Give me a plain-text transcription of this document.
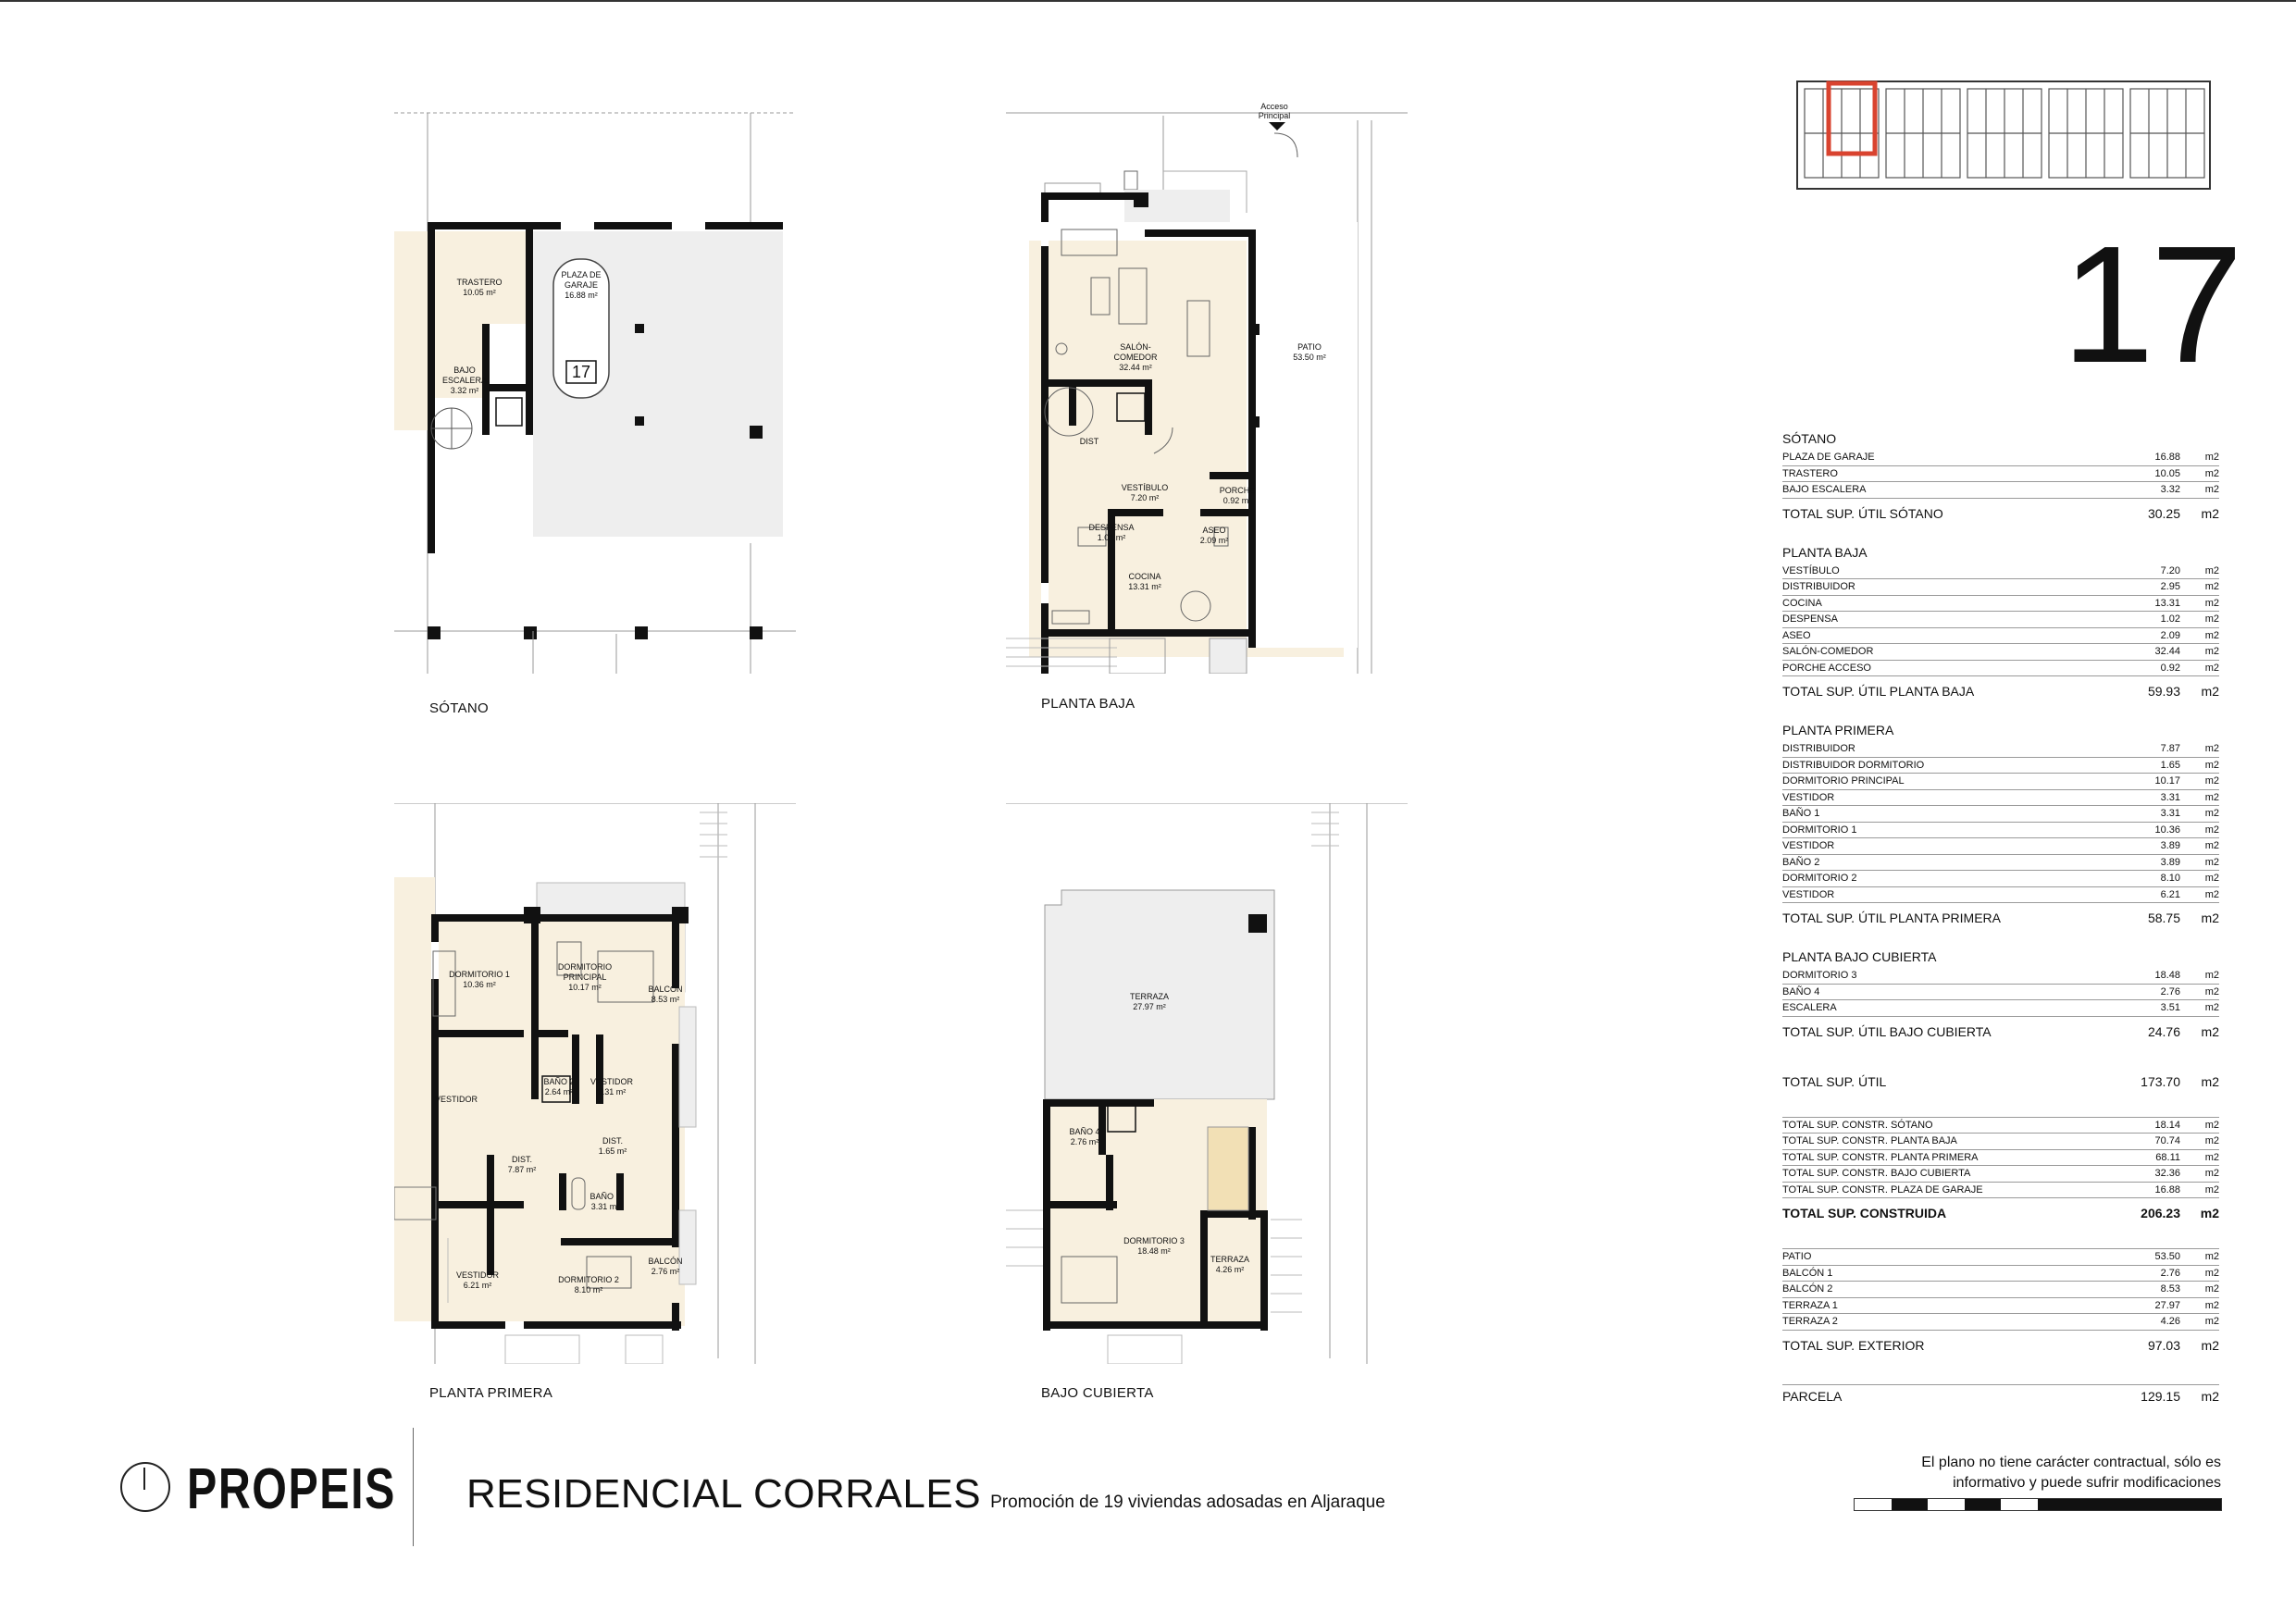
TRASTERO
10.05 m²
PLAZA DE
GARAJE
16.88 m²
17
BAJO
ESCALERA
3.32 m²
SÓTANO
Acceso
Principal
SALÓN-COMEDOR
32.44 m²
PATIO
53.50 m²
DIST
VESTÍBULO
7.20 m²
PORCHE
0.92 m²
DESPENSA
1.02 m²
ASEO
2.09 m²
COCINA
13.31 m²
PLANTA BAJA
DORMITORIO 1
10.36 m²
DORMITORIO
PRINCIPAL
10.17 m²	BALCÓN
8.53 m²
BAÑO 2
2.64 m²
VESTIDOR
3.31 m²
VESTIDOR
DIST.
1.65 m²
DIST.
7.87 m²
BAÑO 1
3.31 m²
BALCÓN
2.76 m²
VESTIDOR
6.21 m²
DORMITORIO 2
8.10 m²
PLANTA PRIMERA
TERRAZA
27.97 m²
BAÑO 4
2.76 m²
DORMITORIO 3
18.48 m²
TERRAZA
4.26 m²
BAJO CUBIERTA
17
SÓTANO
PLAZA DE GARAJE	16.88	m2
TRASTERO	10.05	m2
BAJO ESCALERA	3.32	m2
TOTAL SUP. ÚTIL SÓTANO	30.25	m2
PLANTA BAJA
VESTÍBULO	7.20	m2
DISTRIBUIDOR	2.95	m2
COCINA	13.31	m2
DESPENSA	1.02	m2
ASEO	2.09	m2
SALÓN-COMEDOR	32.44	m2
PORCHE ACCESO	0.92	m2
TOTAL SUP. ÚTIL PLANTA BAJA	59.93	m2
PLANTA PRIMERA
DISTRIBUIDOR	7.87	m2
DISTRIBUIDOR DORMITORIO	1.65	m2
DORMITORIO PRINCIPAL	10.17	m2
VESTIDOR	3.31	m2
BAÑO 1	3.31	m2
DORMITORIO 1	10.36	m2
VESTIDOR	3.89	m2
BAÑO 2	3.89	m2
DORMITORIO 2	8.10	m2
VESTIDOR	6.21	m2
TOTAL SUP. ÚTIL PLANTA PRIMERA	58.75	m2
PLANTA BAJO CUBIERTA
DORMITORIO 3	18.48	m2
BAÑO 4	2.76	m2
ESCALERA	3.51	m2
TOTAL SUP. ÚTIL BAJO CUBIERTA	24.76	m2
TOTAL SUP. ÚTIL	173.70	m2
TOTAL SUP. CONSTR. SÓTANO	18.14	m2
TOTAL SUP. CONSTR. PLANTA BAJA	70.74	m2
TOTAL SUP. CONSTR. PLANTA PRIMERA	68.11	m2
TOTAL SUP. CONSTR. BAJO CUBIERTA	32.36	m2
TOTAL SUP. CONSTR. PLAZA DE GARAJE	16.88	m2
TOTAL SUP. CONSTRUIDA	206.23	m2
PATIO	53.50	m2
BALCÓN 1	2.76	m2
BALCÓN 2	8.53	m2
TERRAZA 1	27.97	m2
TERRAZA 2	4.26	m2
TOTAL SUP. EXTERIOR	97.03	m2
PARCELA	129.15	m2
PROPEIS RESIDENCIAL CORRALES Promoción de 19 viviendas adosadas en Aljaraque
El plano no tiene carácter contractual, sólo es
informativo y puede sufrir modificaciones
